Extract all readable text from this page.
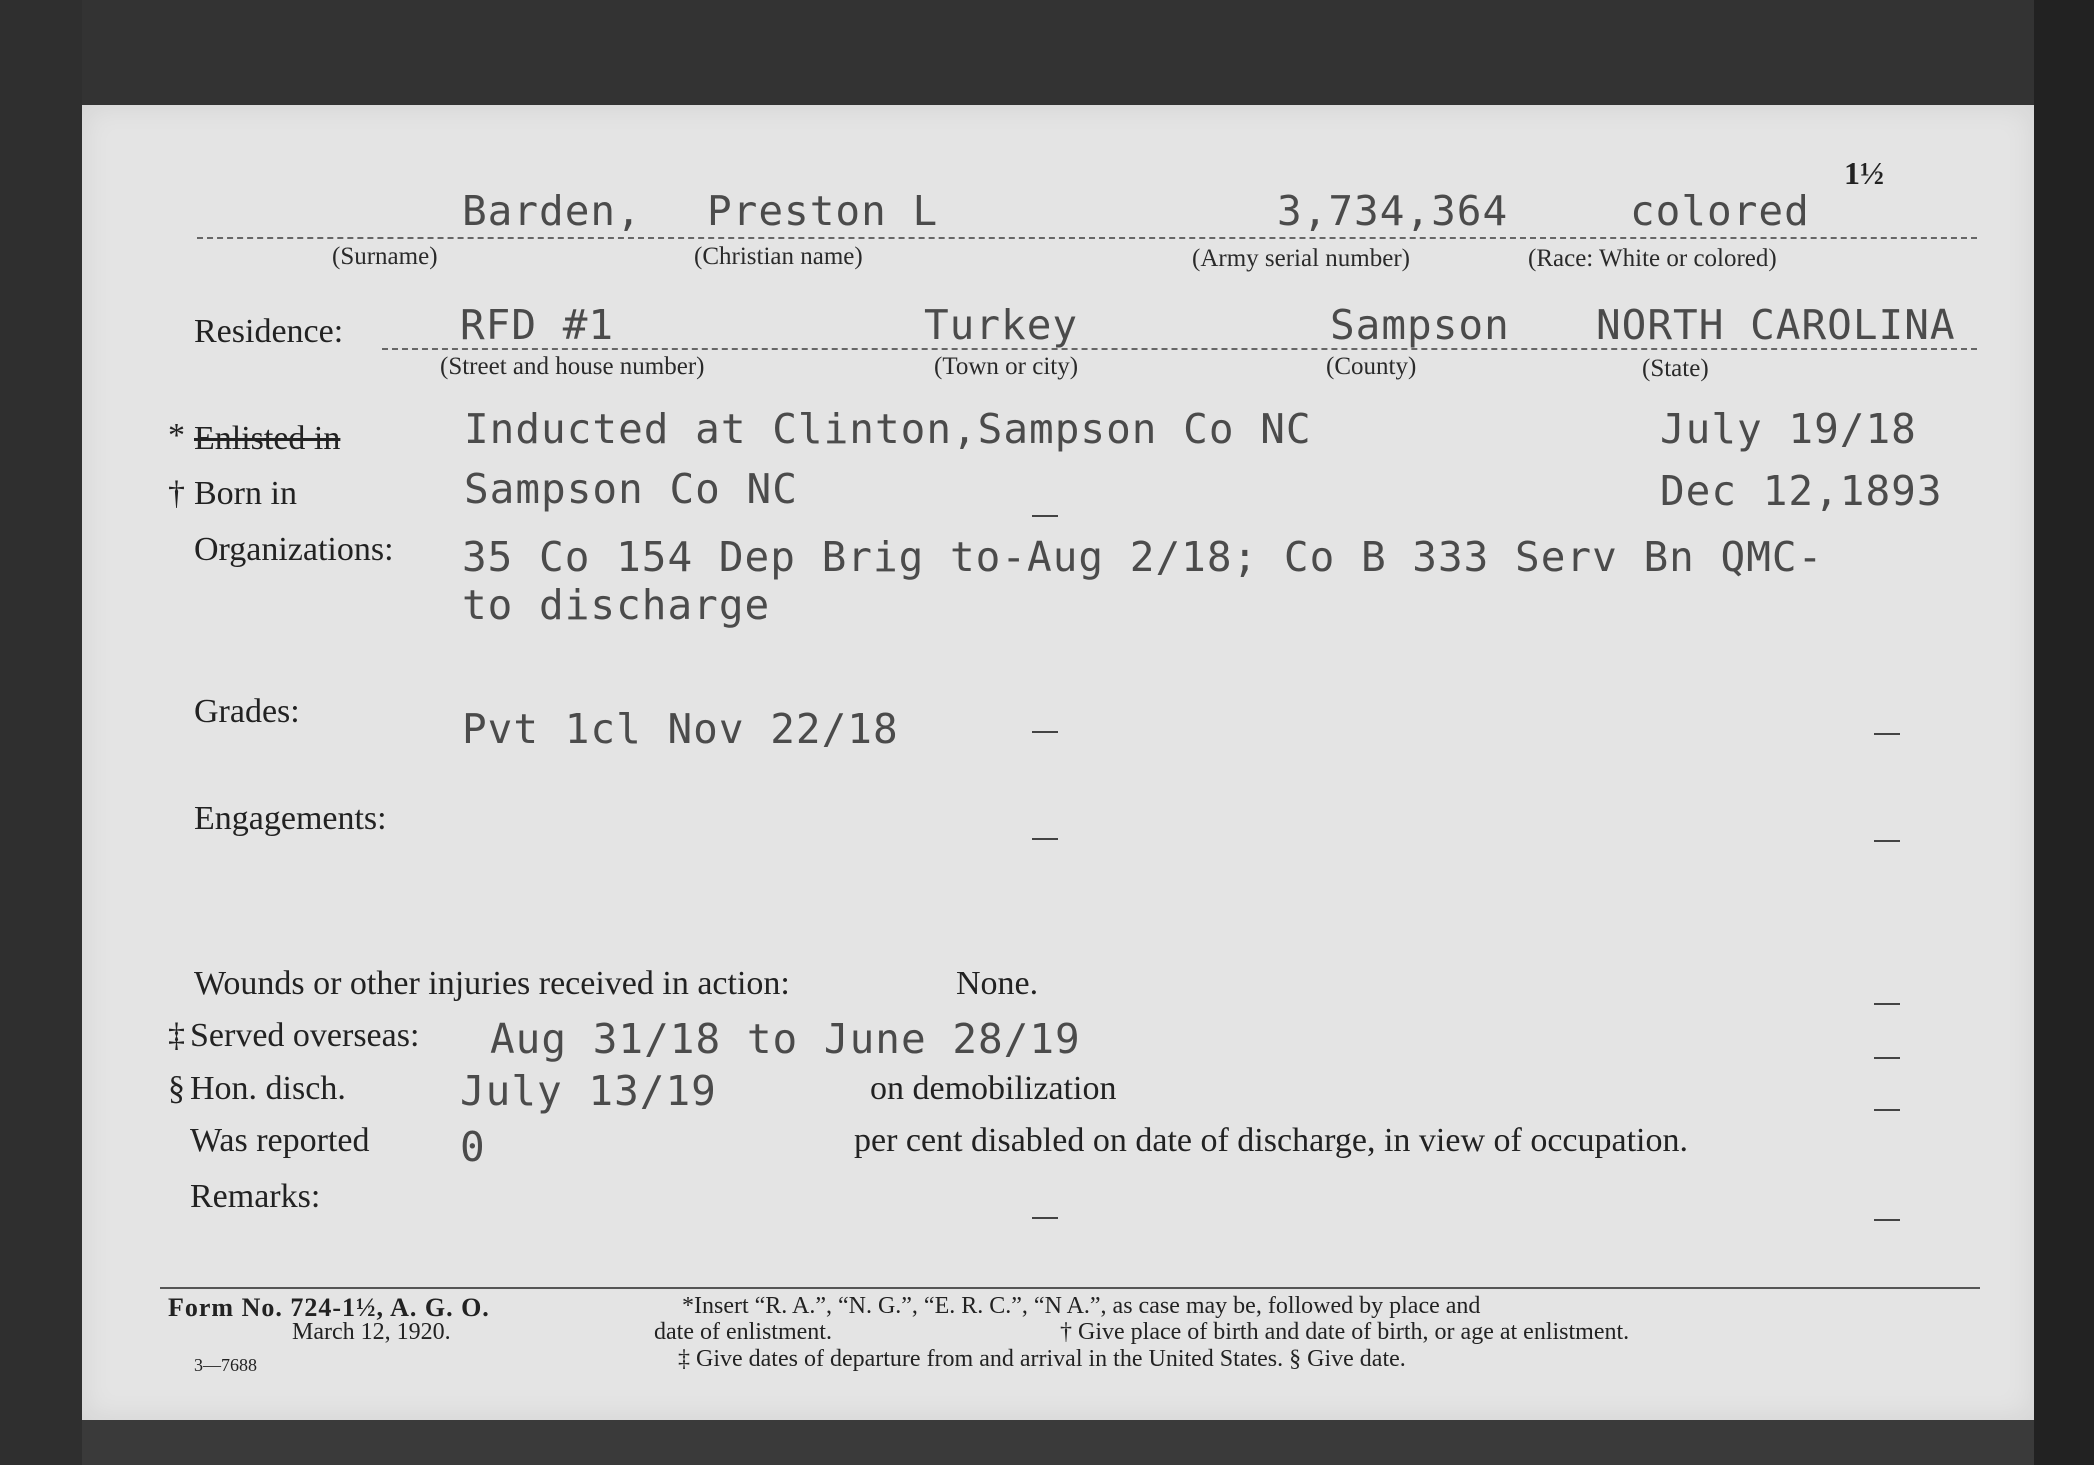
1½
Barden, Preston L	3,734,364	colored
(Surname)	(Christian name)	(Army serial number)	(Race: White or colored)
Residence:	RFD #1	Turkey	Sampson NORTH CAROLINA
(Street and house number)	(Town or city)	(County)	(State)
* Enlisted in	Inducted at Clinton,Sampson Co NC	July 19/18
† Born in	Sampson Co NC	Dec 12,1893
Organizations: 35 Co 154 Dep Brig to-Aug 2/18; Co B 333 Serv Bn QMC-
to discharge
Grades:	Pvt 1cl Nov 22/18
Engagements:
Wounds or other injuries received in action:	None.
‡ Served overseas: Aug 31/18 to June 28/19
§ Hon. disch.	July 13/19	on demobilization
Was reported 0	per cent disabled on date of discharge, in view of occupation.
Remarks:
Form No. 724-1½, A. G. O.
March 12, 1920.
3—7688
*Insert “R. A.”, “N. G.”, “E. R. C.”, “N A.”, as case may be, followed by place and
date of enlistment.	† Give place of birth and date of birth, or age at enlistment.
‡ Give dates of departure from and arrival in the United States. § Give date.
